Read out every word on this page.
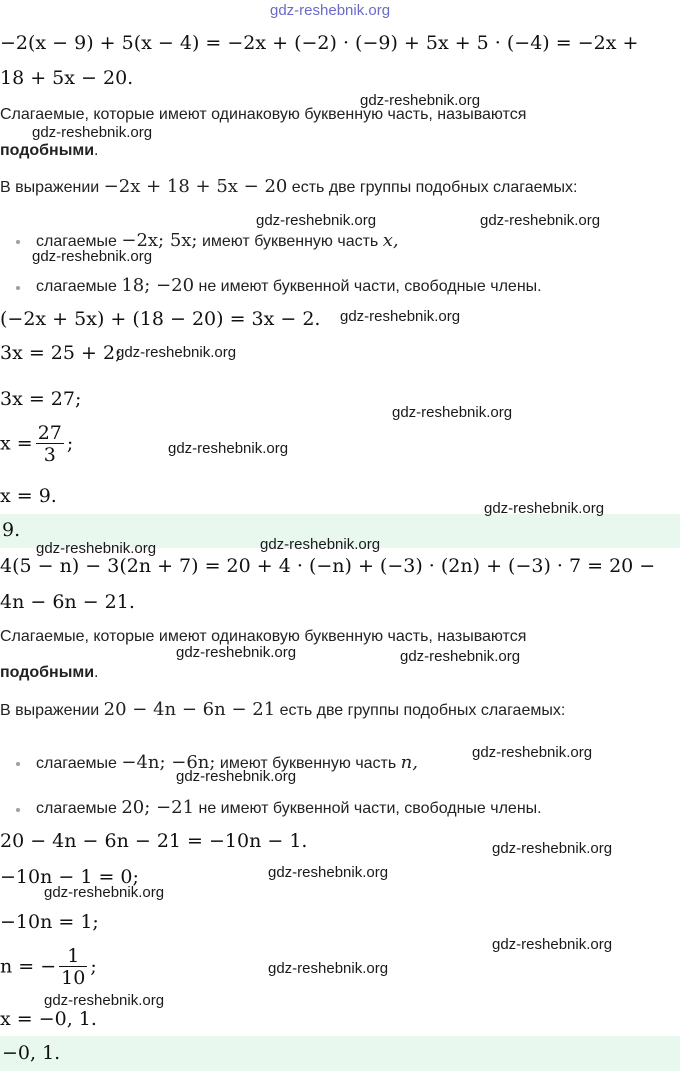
gdz-reshebnik.org
−2(x − 9) + 5(x − 4) = −2x + (−2) · (−9) + 5x + 5 · (−4) = −2x +
18 + 5x − 20.
Слагаемые, которые имеют одинаковую буквенную часть, называются
подобными.
В выражении −2x + 18 + 5x − 20 есть две группы подобных слагаемых:
слагаемые −2x; 5x; имеют буквенную часть x,
слагаемые 18; −20 не имеют буквенной части, свободные члены.
(−2x + 5x) + (18 − 20) = 3x − 2.
3x = 25 + 2;
3x = 27;
$x = \frac{27}{3}$ ;
x = 9.
9.
4(5 − n) − 3(2n + 7) = 20 + 4 · (−n) + (−3) · (2n) + (−3) · 7 = 20 −
4n − 6n − 21.
Слагаемые, которые имеют одинаковую буквенную часть, называются
подобными.
В выражении 20 − 4n − 6n − 21 есть две группы подобных слагаемых:
слагаемые −4n; −6n; имеют буквенную часть n,
слагаемые 20; −21 не имеют буквенной части, свободные члены.
20 − 4n − 6n − 21 = −10n − 1.
−10n − 1 = 0;
−10n = 1;
n = − $\frac{1}{10}$ ;
x = −0, 1.
−0, 1.
gdz-reshebnik.org
gdz-reshebnik.org
gdz-reshebnik.org	gdz-reshebnik.org
gdz-reshebnik.org
gdz-reshebnik.org
gdz-reshebnik.org
gdz-reshebnik.org
gdz-reshebnik.org
gdz-reshebnik.org
gdz-reshebnik.org	gdz-reshebnik.org
gdz-reshebnik.org	gdz-reshebnik.org
gdz-reshebnik.org
gdz-reshebnik.org
gdz-reshebnik.org
gdz-reshebnik.org
gdz-reshebnik.org
gdz-reshebnik.org
gdz-reshebnik.org
gdz-reshebnik.org
